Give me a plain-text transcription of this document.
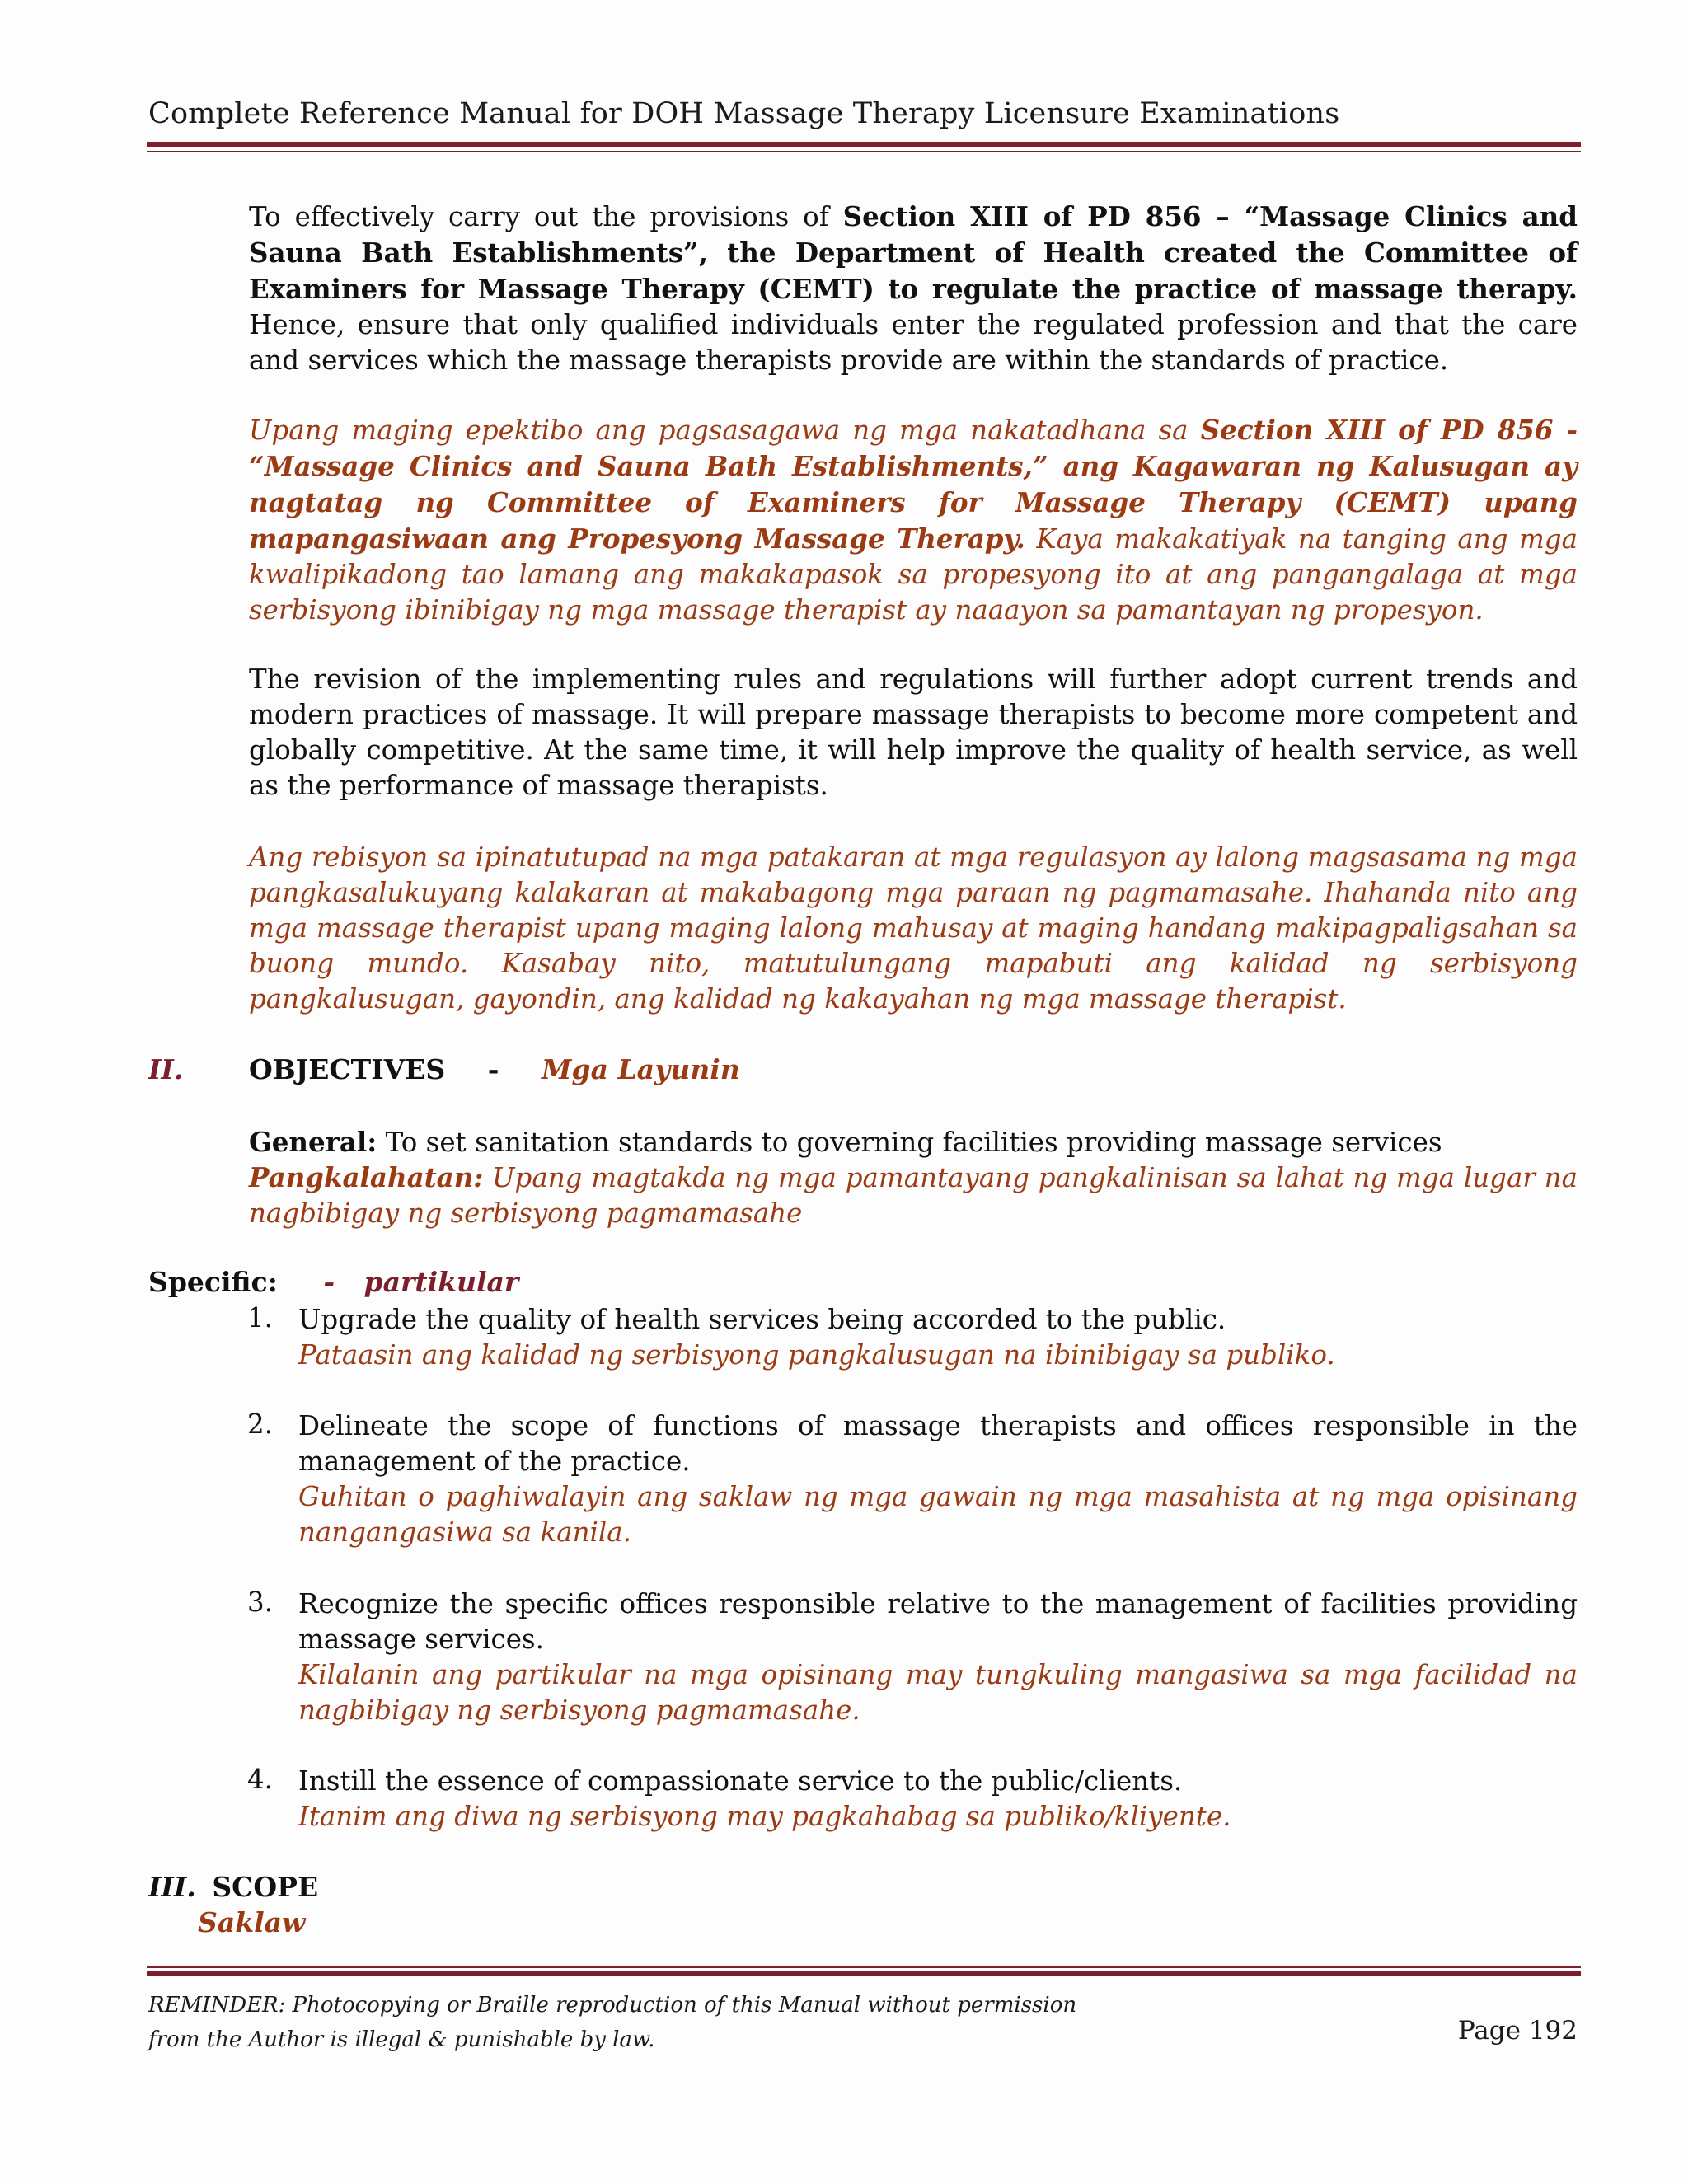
Complete Reference Manual for DOH Massage Therapy Licensure Examinations
To effectively carry out the provisions of Section XIII of PD 856 – “Massage Clinics and Sauna Bath Establishments”, the Department of Health created the Committee of Examiners for Massage Therapy (CEMT) to regulate the practice of massage therapy. Hence, ensure that only qualified individuals enter the regulated profession and that the care and services which the massage therapists provide are within the standards of practice.
Upang maging epektibo ang pagsasagawa ng mga nakatadhana sa Section XIII of PD 856 - “Massage Clinics and Sauna Bath Establishments,” ang Kagawaran ng Kalusugan ay nagtatag ng Committee of Examiners for Massage Therapy (CEMT) upang mapangasiwaan ang Propesyong Massage Therapy. Kaya makakatiyak na tanging ang mga kwalipikadong tao lamang ang makakapasok sa propesyong ito at ang pangangalaga at mga serbisyong ibinibigay ng mga massage therapist ay naaayon sa pamantayan ng propesyon.
The revision of the implementing rules and regulations will further adopt current trends and modern practices of massage. It will prepare massage therapists to become more competent and globally competitive. At the same time, it will help improve the quality of health service, as well as the performance of massage therapists.
Ang rebisyon sa ipinatutupad na mga patakaran at mga regulasyon ay lalong magsasama ng mga pangkasalukuyang kalakaran at makabagong mga paraan ng pagmamasahe. Ihahanda nito ang mga massage therapist upang maging lalong mahusay at maging handang makipagpaligsahan sa buong mundo. Kasabay nito, matutulungang mapabuti ang kalidad ng serbisyong pangkalusugan, gayondin, ang kalidad ng kakayahan ng mga massage therapist.
II. OBJECTIVES - Mga Layunin
General: To set sanitation standards to governing facilities providing massage services
Pangkalahatan: Upang magtakda ng mga pamantayang pangkalinisan sa lahat ng mga lugar na nagbibigay ng serbisyong pagmamasahe
Specific: - partikular
1. Upgrade the quality of health services being accorded to the public.
Pataasin ang kalidad ng serbisyong pangkalusugan na ibinibigay sa publiko.
2. Delineate the scope of functions of massage therapists and offices responsible in the management of the practice.
Guhitan o paghiwalayin ang saklaw ng mga gawain ng mga masahista at ng mga opisinang nangangasiwa sa kanila.
3. Recognize the specific offices responsible relative to the management of facilities providing massage services.
Kilalanin ang partikular na mga opisinang may tungkuling mangasiwa sa mga facilidad na nagbibigay ng serbisyong pagmamasahe.
4. Instill the essence of compassionate service to the public/clients.
Itanim ang diwa ng serbisyong may pagkahabag sa publiko/kliyente.
III. SCOPE
Saklaw
REMINDER: Photocopying or Braille reproduction of this Manual without permission
from the Author is illegal & punishable by law.	Page 192
